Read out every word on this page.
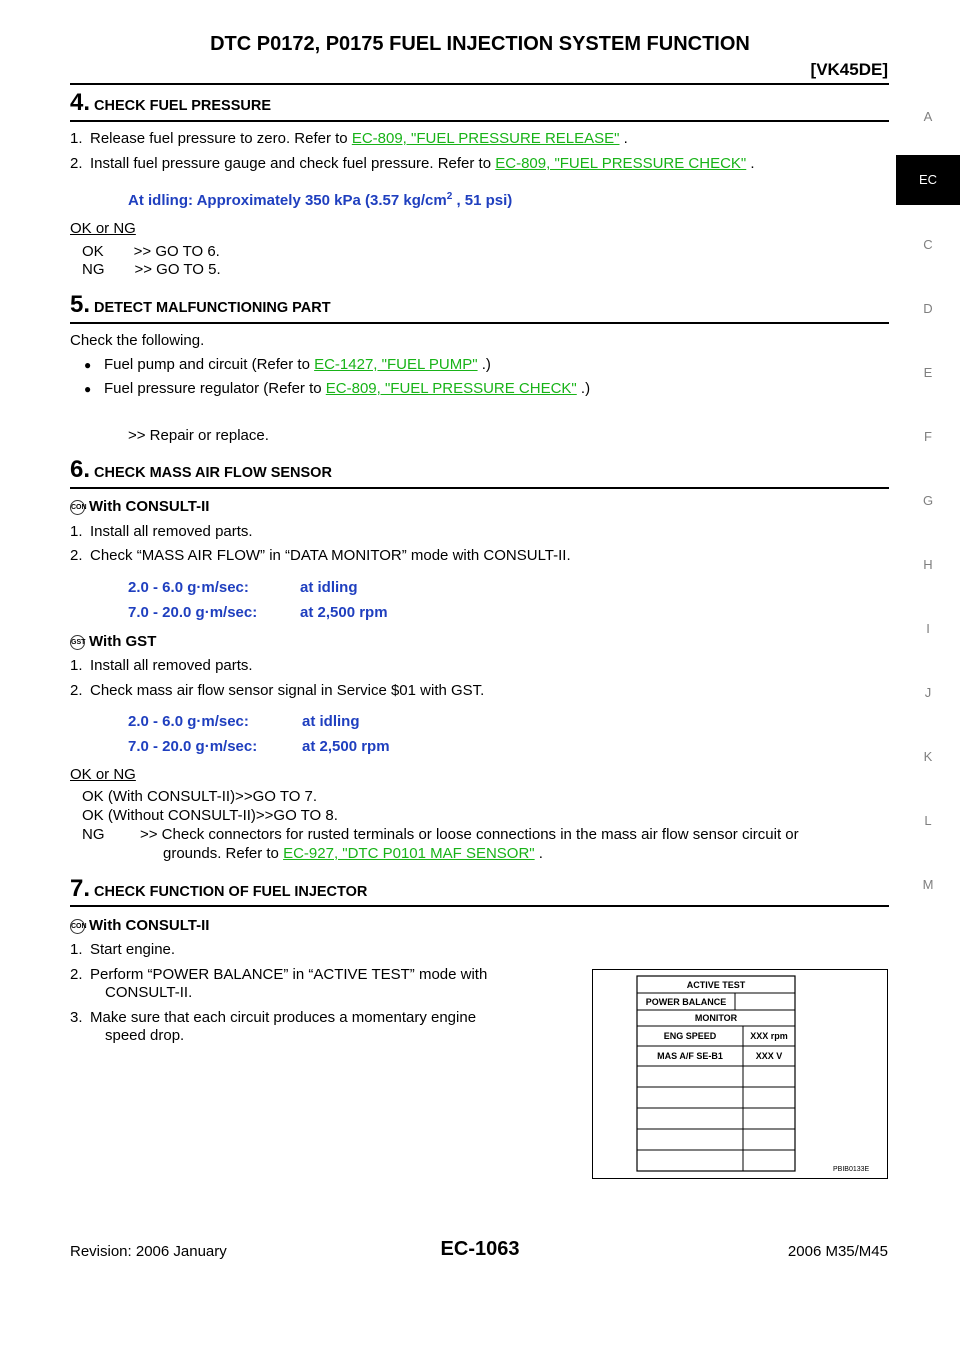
DTC P0172, P0175 FUEL INJECTION SYSTEM FUNCTION
[VK45DE]
A
EC
C
D
E
F
G
H
I
J
K
L
M
4. CHECK FUEL PRESSURE
1. Release fuel pressure to zero. Refer to EC-809, "FUEL PRESSURE RELEASE" .
2. Install fuel pressure gauge and check fuel pressure. Refer to EC-809, "FUEL PRESSURE CHECK" .
At idling: Approximately 350 kPa (3.57 $kg/cm^2$ , 51 psi)
OK or NG
OK  >> GO TO 6.
NG  >> GO TO 5.
5. DETECT MALFUNCTIONING PART
Check the following.
● Fuel pump and circuit (Refer to EC-1427, "FUEL PUMP" .)
● Fuel pressure regulator (Refer to EC-809, "FUEL PRESSURE CHECK" .)
>> Repair or replace.
6. CHECK MASS AIR FLOW SENSOR
CON With CONSULT-II
1. Install all removed parts.
2. Check “MASS AIR FLOW” in “DATA MONITOR” mode with CONSULT-II.
2.0 - 6.0 g·m/sec:	at idling
7.0 - 20.0 g·m/sec:	at 2,500 rpm
GST With GST
1. Install all removed parts.
2. Check mass air flow sensor signal in Service $01 with GST.
2.0 - 6.0 g·m/sec:	at idling
7.0 - 20.0 g·m/sec:	at 2,500 rpm
OK or NG
OK (With CONSULT-II)>>GO TO 7.
OK (Without CONSULT-II)>>GO TO 8.
NG >> Check connectors for rusted terminals or loose connections in the mass air flow sensor circuit or
grounds. Refer to EC-927, "DTC P0101 MAF SENSOR" .
7. CHECK FUNCTION OF FUEL INJECTOR
CON With CONSULT-II
1. Start engine.
2. Perform “POWER BALANCE” in “ACTIVE TEST” mode with
CONSULT-II.
3. Make sure that each circuit produces a momentary engine
speed drop.
ACTIVE TEST
POWER BALANCE
MONITOR
ENG SPEED	XXX rpm
MAS A/F SE-B1	XXX V
PBIB0133E
Revision: 2006 January	EC-1063	2006 M35/M45
